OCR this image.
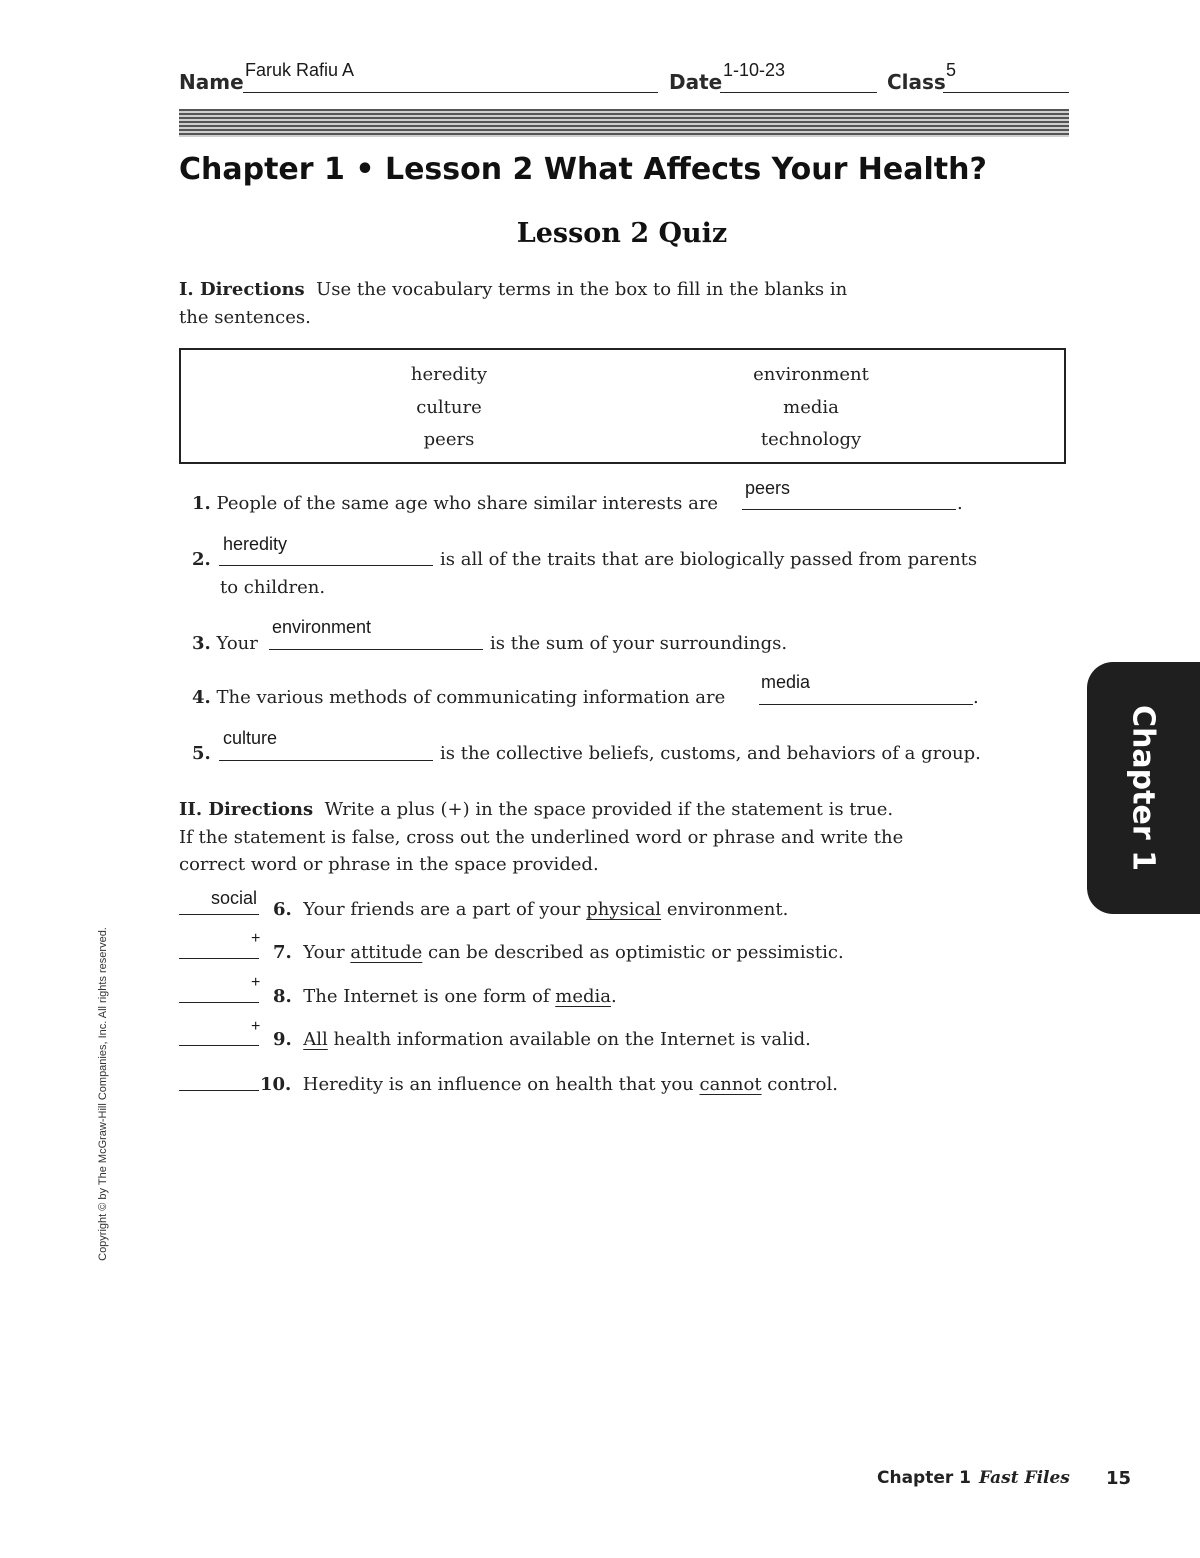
Name Faruk Rafiu A	Date 1-10-23	Class 5
Chapter 1 • Lesson 2 What Affects Your Health?
Lesson 2 Quiz
I. Directions Use the vocabulary terms in the box to fill in the blanks in
the sentences.
heredity
culture
peers
environment
media
technology
1. People of the same age who share similar interests are
peers
.
2.
heredity
is all of the traits that are biologically passed from parents
to children.
3. Your
environment
is the sum of your surroundings.
4. The various methods of communicating information are
media
.
5.
culture
is the collective beliefs, customs, and behaviors of a group.
II. Directions Write a plus (+) in the space provided if the statement is true.
If the statement is false, cross out the underlined word or phrase and write the
correct word or phrase in the space provided.
social
6. Your friends are a part of your physical environment.
+
7. Your attitude can be described as optimistic or pessimistic.
+
8. The Internet is one form of media.
+
9. All health information available on the Internet is valid.
10. Heredity is an influence on health that you cannot control.
Chapter 1
Copyright © by The McGraw-Hill Companies, Inc. All rights reserved.
Chapter 1 Fast Files 15
